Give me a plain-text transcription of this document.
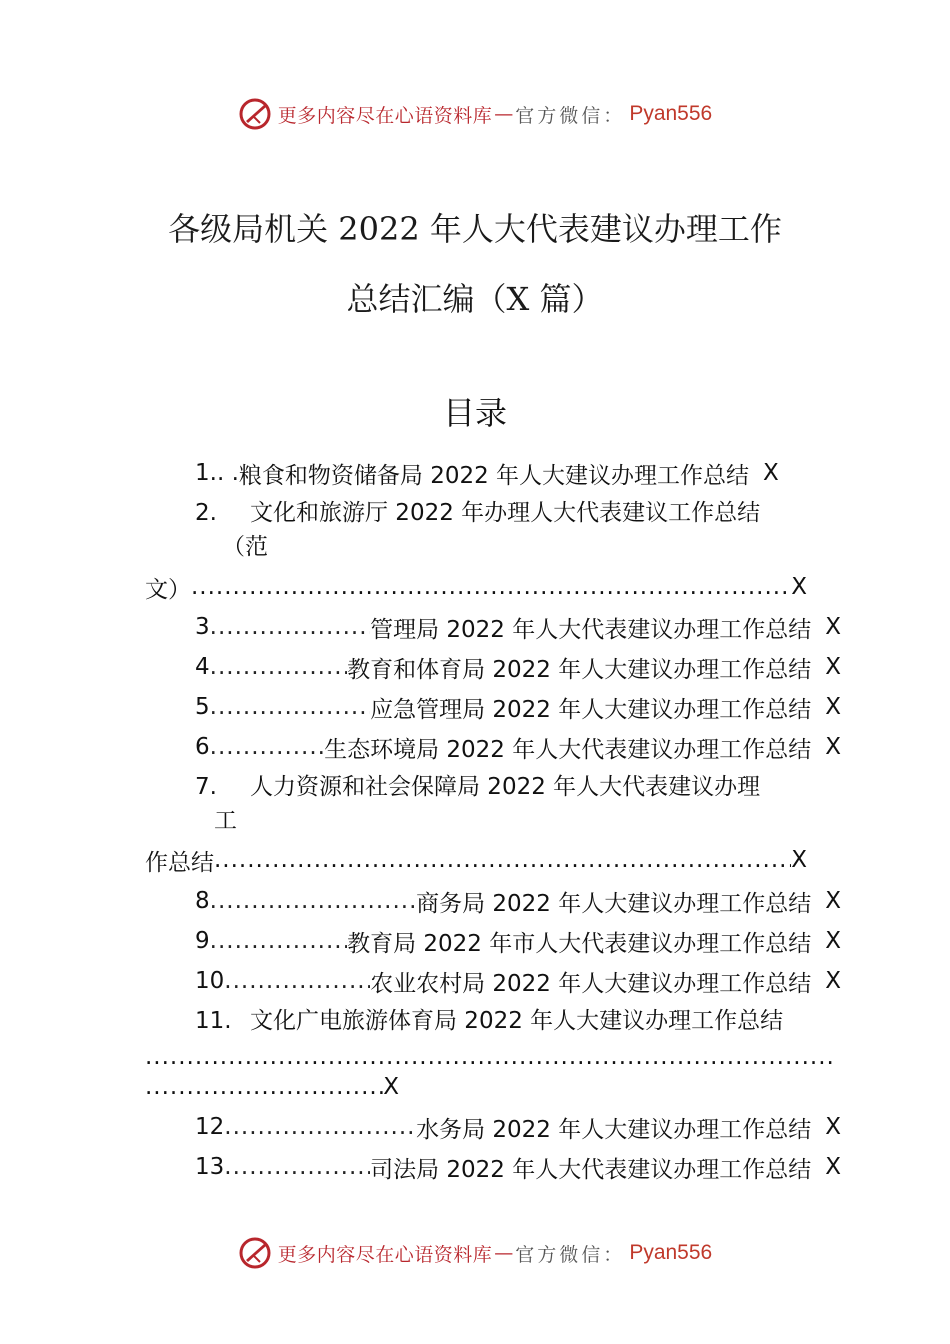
更多内容尽在心语资料库 — 官方微信： Pyan556
各级局机关 2022 年人大代表建议办理工作
总结汇编（X 篇）
目录
1.. . 粮食和物资储备局 2022 年人大建议办理工作总结 X
2. 文化和旅游厅 2022 年办理人大代表建议工作总结
（范
文） .....	X
3 .....	管理局 2022 年人大代表建议办理工作总结 X
4 .....	教育和体育局 2022 年人大建议办理工作总结 X
5 .....	应急管理局 2022 年人大建议办理工作总结 X
6 .....	生态环境局 2022 年人大代表建议办理工作总结 X
7. 人力资源和社会保障局 2022 年人大代表建议办理
工
作总结 .....	X
8 .....	商务局 2022 年人大建议办理工作总结 X
9 .....	教育局 2022 年市人大代表建议办理工作总结 X
10 .....	农业农村局 2022 年人大建议办理工作总结 X
11. 文化广电旅游体育局 2022 年人大建议办理工作总结
.....
.....
X
12 .....	水务局 2022 年人大建议办理工作总结 X
13 .....	司法局 2022 年人大代表建议办理工作总结 X
更多内容尽在心语资料库 — 官方微信： Pyan556
